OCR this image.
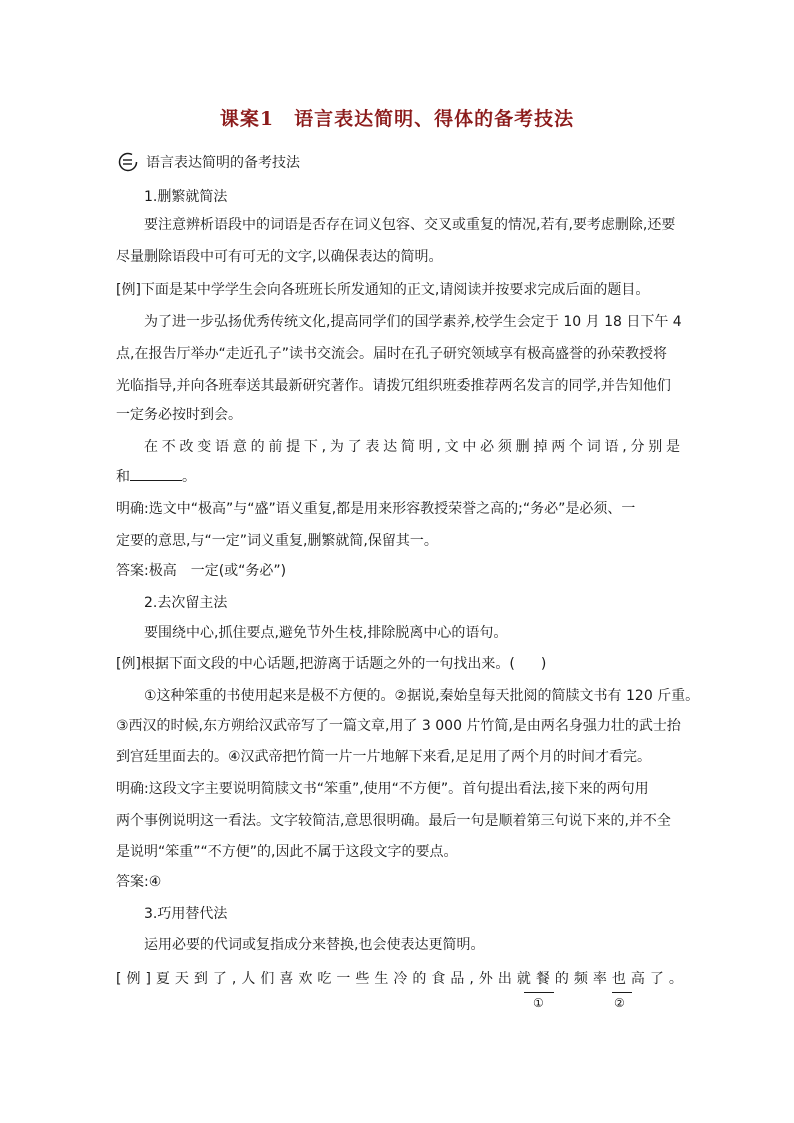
课案1　语言表达简明、得体的备考技法
语言表达简明的备考技法
1.删繁就简法
要注意辨析语段中的词语是否存在词义包容、交叉或重复的情况,若有,要考虑删除,还要
尽量删除语段中可有可无的文字,以确保表达的简明。
[例]下面是某中学学生会向各班班长所发通知的正文,请阅读并按要求完成后面的题目。
为了进一步弘扬优秀传统文化,提高同学们的国学素养,校学生会定于 10 月 18 日下午 4
点,在报告厅举办“走近孔子”读书交流会。届时在孔子研究领域享有极高盛誉的孙荣教授将
光临指导,并向各班奉送其最新研究著作。请拨冗组织班委推荐两名发言的同学,并告知他们
一定务必按时到会。
在不改变语意的前提下,为了表达简明,文中必须删掉两个词语,分别是
和	。
明确:选文中“极高”与“盛”语义重复,都是用来形容教授荣誉之高的;“务必”是必须、一
定要的意思,与“一定”词义重复,删繁就简,保留其一。
答案:极高　一定(或“务必”)
2.去次留主法
要围绕中心,抓住要点,避免节外生枝,排除脱离中心的语句。
[例]根据下面文段的中心话题,把游离于话题之外的一句找出来。( )
①这种笨重的书使用起来是极不方便的。②据说,秦始皇每天批阅的简牍文书有 120 斤重。
③西汉的时候,东方朔给汉武帝写了一篇文章,用了 3 000 片竹简,是由两名身强力壮的武士抬
到宫廷里面去的。④汉武帝把竹简一片一片地解下来看,足足用了两个月的时间才看完。
明确:这段文字主要说明简牍文书“笨重”,使用“不方便”。首句提出看法,接下来的两句用
两个事例说明这一看法。文字较简洁,意思很明确。最后一句是顺着第三句说下来的,并不全
是说明“笨重”“不方便”的,因此不属于这段文字的要点。
答案:④
3.巧用替代法
运用必要的代词或复指成分来替换,也会使表达更简明。
[例]夏天到了,人们喜欢吃一些生冷的食品,外出就餐的频率也高了。
①	②
